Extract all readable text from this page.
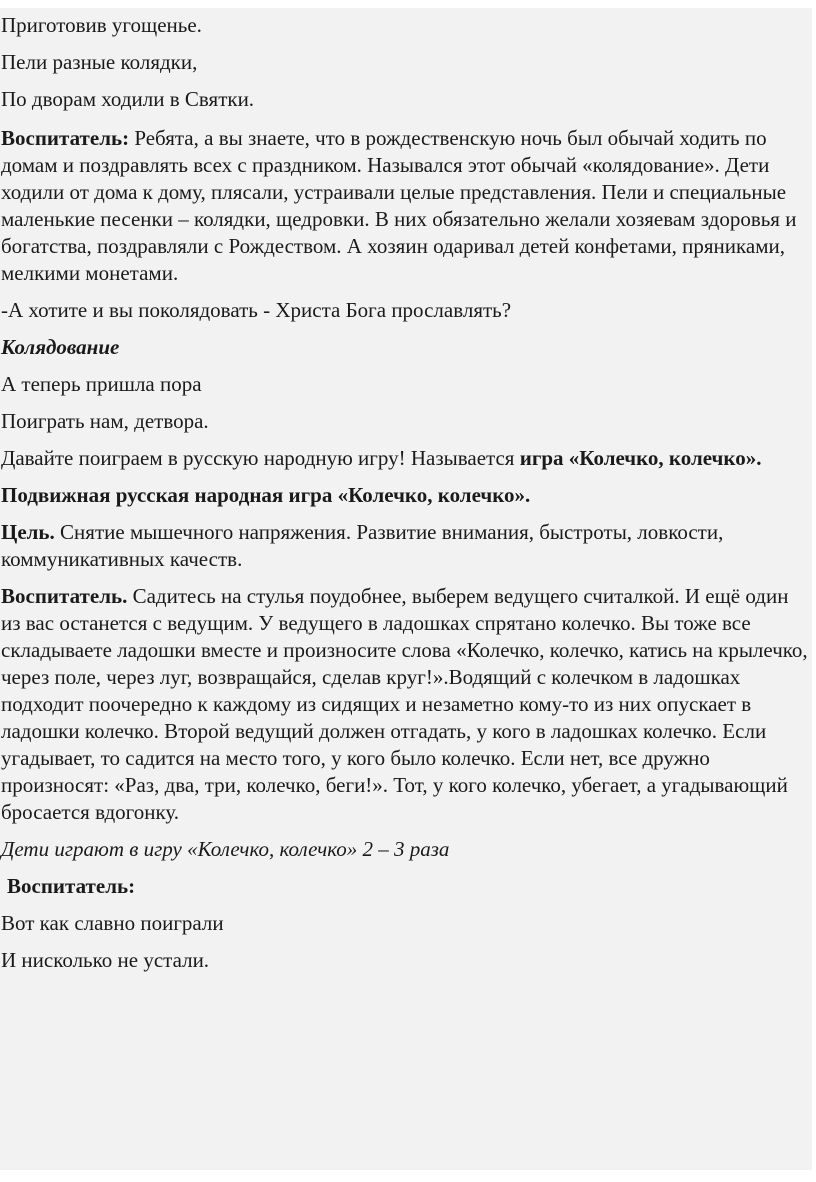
Приготовив угощенье.

Пели разные колядки,

По дворам ходили в Святки.

Воспитатель: Ребята, а вы знаете, что в рождественскую ночь был обычай ходить по домам и поздравлять всех с праздником. Назывался этот обычай «колядование». Дети ходили от дома к дому, плясали, устраивали целые представления. Пели и специальные маленькие песенки – колядки, щедровки. В них обязательно желали хозяевам здоровья и богатства, поздравляли с Рождеством. А хозяин одаривал детей конфетами, пряниками, мелкими монетами.

-А хотите и вы поколядовать - Христа Бога прославлять?

Колядование

А теперь пришла пора

Поиграть нам, детвора.

Давайте поиграем в русскую народную игру! Называется игра «Колечко, колечко».

Подвижная русская народная игра «Колечко, колечко».

Цель. Снятие мышечного напряжения. Развитие внимания, быстроты, ловкости, коммуникативных качеств.

Воспитатель. Садитесь на стулья поудобнее, выберем ведущего считалкой. И ещё один из вас останется с ведущим. У ведущего в ладошках спрятано колечко. Вы тоже все складываете ладошки вместе и произносите слова «Колечко, колечко, катись на крылечко, через поле, через луг, возвращайся, сделав круг!».Водящий с колечком в ладошках подходит поочередно к каждому из сидящих и незаметно кому-то из них опускает в ладошки колечко. Второй ведущий должен отгадать, у кого в ладошках колечко. Если угадывает, то садится на место того, у кого было колечко. Если нет, все дружно произносят: «Раз, два, три, колечко, беги!». Тот, у кого колечко, убегает, а угадывающий бросается вдогонку.

Дети играют в игру «Колечко, колечко» 2 – 3 раза

Воспитатель:

Вот как славно поиграли

И нисколько не устали.
